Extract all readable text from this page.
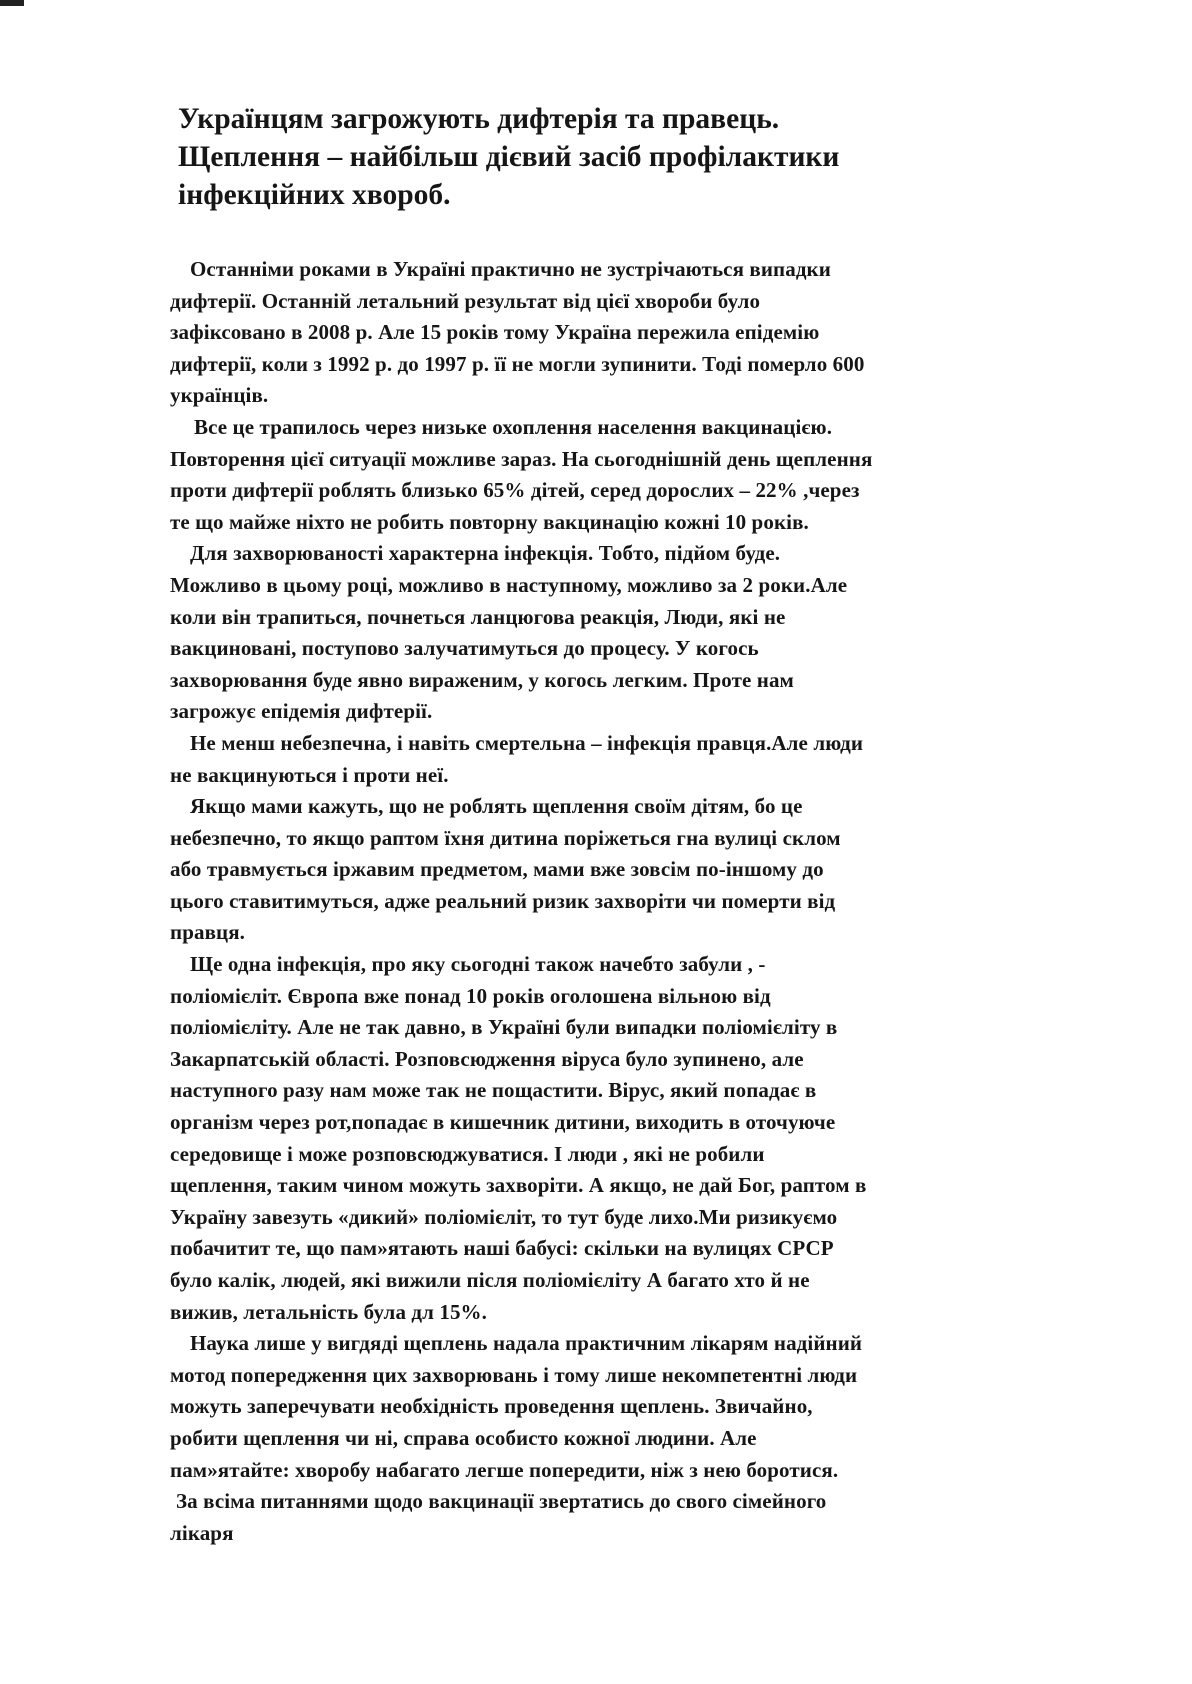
Українцям загрожують дифтерія та правець.
Щеплення – найбільш дієвий засіб профілактики
інфекційних хвороб.
Останніми роками в Україні практично не зустрічаються випадки
дифтерії. Останній летальний результат від цієї хвороби було
зафіксовано в 2008 р. Але 15 років тому Україна пережила епідемію
дифтерії, коли з 1992 р. до 1997 р. її не могли зупинити. Тоді померло 600
українців.
Все це трапилось через низьке охоплення населення вакцинацією.
Повторення цієї ситуації можливе зараз. На сьогоднішній день щеплення
проти дифтерії роблять близько 65% дітей, серед дорослих – 22% ,через
те що майже ніхто не робить повторну вакцинацію кожні 10 років.
Для захворюваності характерна інфекція. Тобто, підйом буде.
Можливо в цьому році, можливо в наступному, можливо за 2 роки.Але
коли він трапиться, почнеться ланцюгова реакція, Люди, які не
вакциновані, поступово залучатимуться до процесу. У когось
захворювання буде явно вираженим, у когось легким. Проте нам
загрожує епідемія дифтерії.
Не менш небезпечна, і навіть смертельна – інфекція правця.Але люди
не вакцинуються і проти неї.
Якщо мами кажуть, що не роблять щеплення своїм дітям, бо це
небезпечно, то якщо раптом їхня дитина поріжеться гна вулиці склом
або травмується іржавим предметом, мами вже зовсім по-іншому до
цього ставитимуться, адже реальний ризик захворіти чи померти від
правця.
Ще одна інфекція, про яку сьогодні також начебто забули , -
поліомієліт. Європа вже понад 10 років оголошена вільною від
поліомієліту. Але не так давно, в Україні були випадки поліомієліту в
Закарпатській області. Розповсюдження віруса було зупинено, але
наступного разу нам може так не пощастити. Вірус, який попадає в
організм через рот,попадає в кишечник дитини, виходить в оточуюче
середовище і може розповсюджуватися. І люди , які не робили
щеплення, таким чином можуть захворіти. А якщо, не дай Бог, раптом в
Україну завезуть «дикий» поліомієліт, то тут буде лихо.Ми ризикуємо
побачитит те, що пам»ятають наші бабусі: скільки на вулицях СРСР
було калік, людей, які вижили після поліомієліту А багато хто й не
вижив, летальність була дл 15%.
Наука лише у вигдяді щеплень надала практичним лікарям надійний
мотод попередження цих захворювань і тому лише некомпетентні люди
можуть заперечувати необхідність проведення щеплень. Звичайно,
робити щеплення чи ні, справа особисто кожної людини. Але
пам»ятайте: хворобу набагато легше попередити, ніж з нею боротися.
За всіма питаннями щодо вакцинації звертатись до свого сімейного
лікаря
